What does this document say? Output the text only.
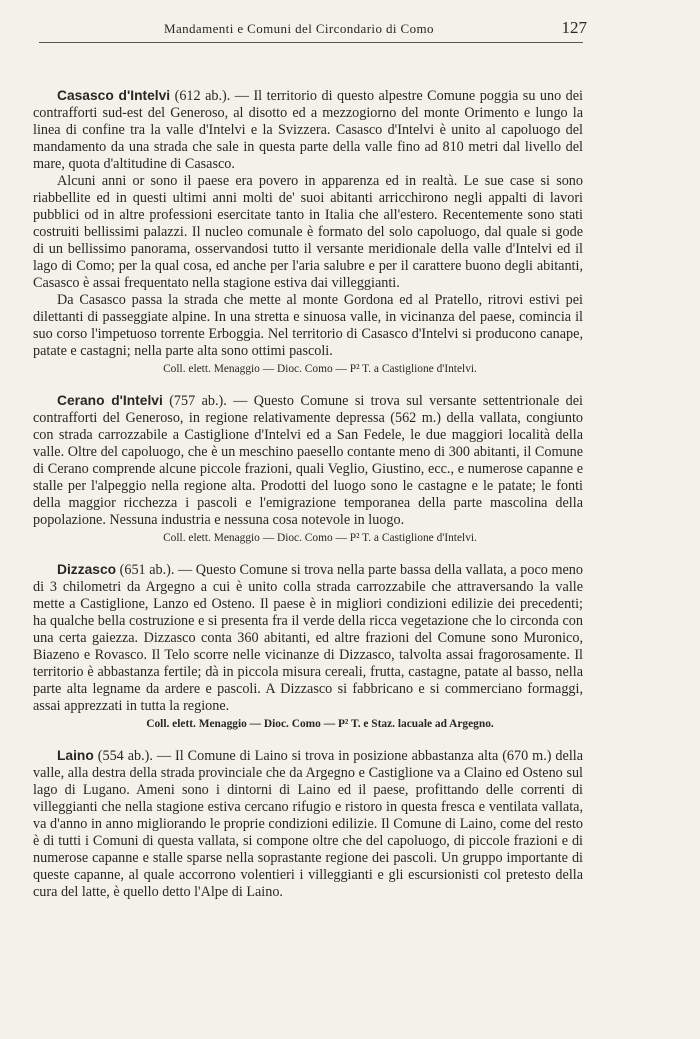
Mandamenti e Comuni del Circondario di Como	127

Casasco d'Intelvi (612 ab.). — Il territorio di questo alpestre Comune poggia su uno dei contrafforti sud-est del Generoso, al disotto ed a mezzogiorno del monte Orimento e lungo la linea di confine tra la valle d'Intelvi e la Svizzera. Casasco d'Intelvi è unito al capoluogo del mandamento da una strada che sale in questa parte della valle fino ad 810 metri dal livello del mare, quota d'altitudine di Casasco.

Alcuni anni or sono il paese era povero in apparenza ed in realtà. Le sue case si sono riabbellite ed in questi ultimi anni molti de' suoi abitanti arricchirono negli appalti di lavori pubblici od in altre professioni esercitate tanto in Italia che all'estero. Recentemente sono stati costruiti bellissimi palazzi. Il nucleo comunale è formato del solo capoluogo, dal quale si gode di un bellissimo panorama, osservandosi tutto il versante meridionale della valle d'Intelvi ed il lago di Como; per la qual cosa, ed anche per l'aria salubre e per il carattere buono degli abitanti, Casasco è assai frequentato nella stagione estiva dai villeggianti.

Da Casasco passa la strada che mette al monte Gordona ed al Pratello, ritrovi estivi pei dilettanti di passeggiate alpine. In una stretta e sinuosa valle, in vicinanza del paese, comincia il suo corso l'impetuoso torrente Erboggia. Nel territorio di Casasco d'Intelvi si producono canape, patate e castagni; nella parte alta sono ottimi pascoli.

Coll. elett. Menaggio — Dioc. Como — P² T. a Castiglione d'Intelvi.

Cerano d'Intelvi (757 ab.). — Questo Comune si trova sul versante settentrionale dei contrafforti del Generoso, in regione relativamente depressa (562 m.) della vallata, congiunto con strada carrozzabile a Castiglione d'Intelvi ed a San Fedele, le due maggiori località della valle. Oltre del capoluogo, che è un meschino paesello contante meno di 300 abitanti, il Comune di Cerano comprende alcune piccole frazioni, quali Veglio, Giustino, ecc., e numerose capanne e stalle per l'alpeggio nella regione alta. Prodotti del luogo sono le castagne e le patate; le fonti della maggior ricchezza i pascoli e l'emigrazione temporanea della parte mascolina della popolazione. Nessuna industria e nessuna cosa notevole in luogo.

Coll. elett. Menaggio — Dioc. Como — P² T. a Castiglione d'Intelvi.

Dizzasco (651 ab.). — Questo Comune si trova nella parte bassa della vallata, a poco meno di 3 chilometri da Argegno a cui è unito colla strada carrozzabile che attraversando la valle mette a Castiglione, Lanzo ed Osteno. Il paese è in migliori condizioni edilizie dei precedenti; ha qualche bella costruzione e si presenta fra il verde della ricca vegetazione che lo circonda con una certa gaiezza. Dizzasco conta 360 abitanti, ed altre frazioni del Comune sono Muronico, Biazeno e Rovasco. Il Telo scorre nelle vicinanze di Dizzasco, talvolta assai fragorosamente. Il territorio è abbastanza fertile; dà in piccola misura cereali, frutta, castagne, patate al basso, nella parte alta legname da ardere e pascoli. A Dizzasco si fabbricano e si commerciano formaggi, assai apprezzati in tutta la regione.

Coll. elett. Menaggio — Dioc. Como — P² T. e Staz. lacuale ad Argegno.

Laino (554 ab.). — Il Comune di Laino si trova in posizione abbastanza alta (670 m.) della valle, alla destra della strada provinciale che da Argegno e Castiglione va a Claino ed Osteno sul lago di Lugano. Ameni sono i dintorni di Laino ed il paese, profittando delle correnti di villeggianti che nella stagione estiva cercano rifugio e ristoro in questa fresca e ventilata vallata, va d'anno in anno migliorando le proprie condizioni edilizie. Il Comune di Laino, come del resto è di tutti i Comuni di questa vallata, si compone oltre che del capoluogo, di piccole frazioni e di numerose capanne e stalle sparse nella soprastante regione dei pascoli. Un gruppo importante di queste capanne, al quale accorrono volentieri i villeggianti e gli escursionisti col pretesto della cura del latte, è quello detto l'Alpe di Laino.
